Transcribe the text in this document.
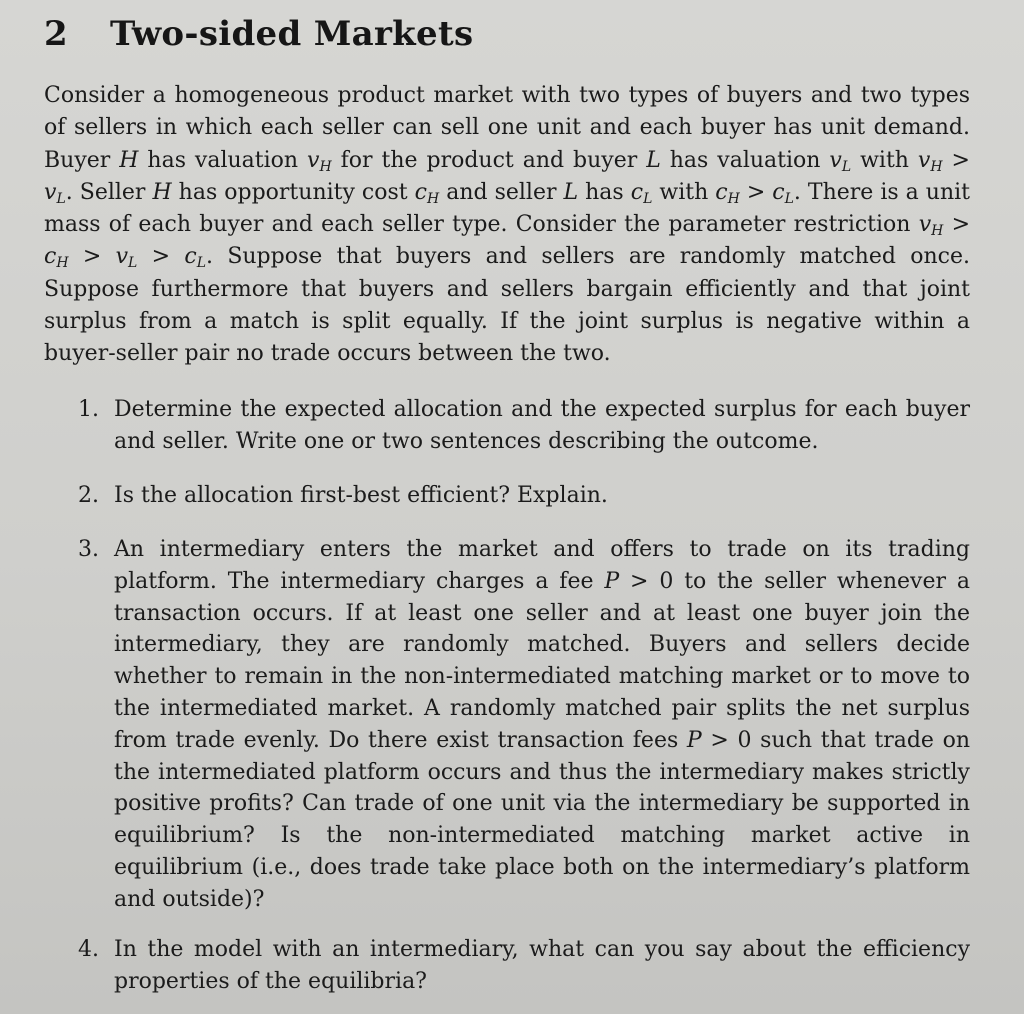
2 Two-sided Markets

Consider a homogeneous product market with two types of buyers and two types of sellers in which each seller can sell one unit and each buyer has unit demand. Buyer H has valuation $v_H$ for the product and buyer L has valuation $v_L$ with $v_H > v_L$. Seller H has opportunity cost $c_H$ and seller L has $c_L$ with $c_H > c_L$. There is a unit mass of each buyer and each seller type. Consider the parameter restriction $v_H > c_H > v_L > c_L$. Suppose that buyers and sellers are randomly matched once. Suppose furthermore that buyers and sellers bargain efficiently and that joint surplus from a match is split equally. If the joint surplus is negative within a buyer-seller pair no trade occurs between the two.

1. Determine the expected allocation and the expected surplus for each buyer and seller. Write one or two sentences describing the outcome.
2. Is the allocation first-best efficient? Explain.
3. An intermediary enters the market and offers to trade on its trading platform. The intermediary charges a fee P > 0 to the seller whenever a transaction occurs. If at least one seller and at least one buyer join the intermediary, they are randomly matched. Buyers and sellers decide whether to remain in the non-intermediated matching market or to move to the intermediated market. A randomly matched pair splits the net surplus from trade evenly. Do there exist transaction fees P > 0 such that trade on the intermediated platform occurs and thus the intermediary makes strictly positive profits? Can trade of one unit via the intermediary be supported in equilibrium? Is the non-intermediated matching market active in equilibrium (i.e., does trade take place both on the intermediary’s platform and outside)?
4. In the model with an intermediary, what can you say about the efficiency properties of the equilibria?
